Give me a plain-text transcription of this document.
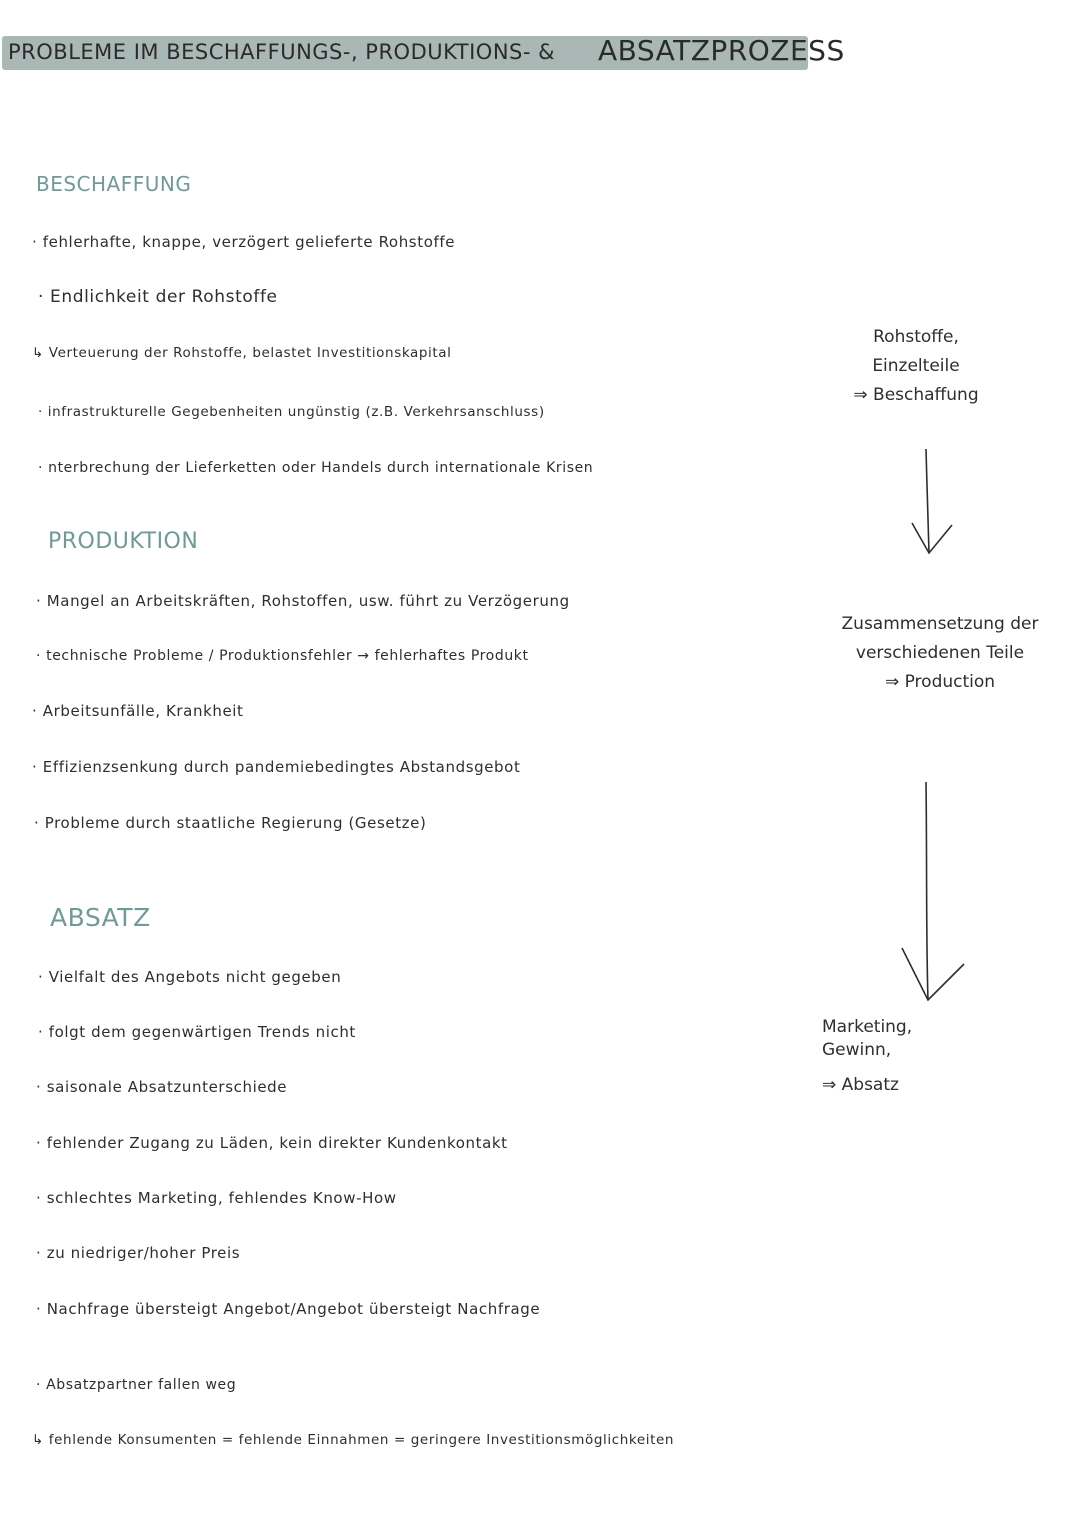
PROBLEME IM BESCHAFFUNGS-, PRODUKTIONS- & ABSATZPROZESS
BESCHAFFUNG
· fehlerhafte, knappe, verzögert gelieferte Rohstoffe
· Endlichkeit der Rohstoffe
↳ Verteuerung der Rohstoffe, belastet Investitionskapital
· infrastrukturelle Gegebenheiten ungünstig (z.B. Verkehrsanschluss)
· nterbrechung der Lieferketten oder Handels durch internationale Krisen
PRODUKTION
· Mangel an Arbeitskräften, Rohstoffen, usw. führt zu Verzögerung
· technische Probleme / Produktionsfehler → fehlerhaftes Produkt
· Arbeitsunfälle, Krankheit
· Effizienzsenkung durch pandemiebedingtes Abstandsgebot
· Probleme durch staatliche Regierung (Gesetze)
ABSATZ
· Vielfalt des Angebots nicht gegeben
· folgt dem gegenwärtigen Trends nicht
· saisonale Absatzunterschiede
· fehlender Zugang zu Läden, kein direkter Kundenkontakt
· schlechtes Marketing, fehlendes Know-How
· zu niedriger/hoher Preis
· Nachfrage übersteigt Angebot/Angebot übersteigt Nachfrage
· Absatzpartner fallen weg
↳ fehlende Konsumenten = fehlende Einnahmen = geringere Investitionsmöglichkeiten
Rohstoffe,
Einzelteile
⇒ Beschaffung
Zusammensetzung der
verschiedenen Teile
⇒ Production
Marketing,
Gewinn,
⇒ Absatz
